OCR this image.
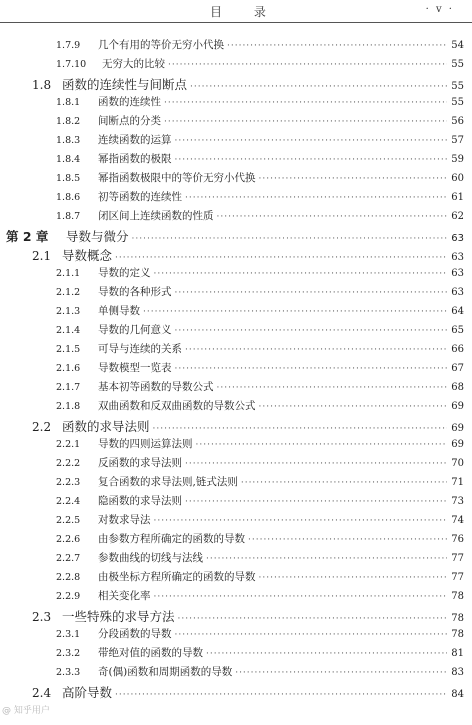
目 录	· v ·
1.7.9	几个有用的等价无穷小代换 ·····	54
1.7.10	无穷大的比较 ·····	55
1.8 函数的连续性与间断点 ·····	55
1.8.1	函数的连续性 ·····	55
1.8.2	间断点的分类 ·····	56
1.8.3	连续函数的运算 ·····	57
1.8.4	幂指函数的极限 ·····	59
1.8.5	幂指函数极限中的等价无穷小代换 ·····	60
1.8.6	初等函数的连续性 ·····	61
1.8.7	闭区间上连续函数的性质 ·····	62
第 2 章	导数与微分 ·····	63
2.1 导数概念 ·····	63
2.1.1	导数的定义 ·····	63
2.1.2	导数的各种形式 ·····	63
2.1.3	单侧导数 ·····	64
2.1.4	导数的几何意义 ·····	65
2.1.5	可导与连续的关系 ·····	66
2.1.6	导数模型一览表 ·····	67
2.1.7	基本初等函数的导数公式 ·····	68
2.1.8	双曲函数和反双曲函数的导数公式 ·····	69
2.2 函数的求导法则 ·····	69
2.2.1	导数的四则运算法则 ·····	69
2.2.2	反函数的求导法则 ·····	70
2.2.3	复合函数的求导法则,链式法则 ·····	71
2.2.4	隐函数的求导法则 ·····	73
2.2.5	对数求导法 ·····	74
2.2.6	由参数方程所确定的函数的导数 ·····	76
2.2.7	参数曲线的切线与法线 ·····	77
2.2.8	由极坐标方程所确定的函数的导数 ·····	77
2.2.9	相关变化率 ·····	78
2.3 一些特殊的求导方法 ·····	78
2.3.1	分段函数的导数 ·····	78
2.3.2	带绝对值的函数的导数 ·····	81
2.3.3	奇(偶)函数和周期函数的导数 ·····	83
2.4 高阶导数 ·····	84
@ 知乎用户
